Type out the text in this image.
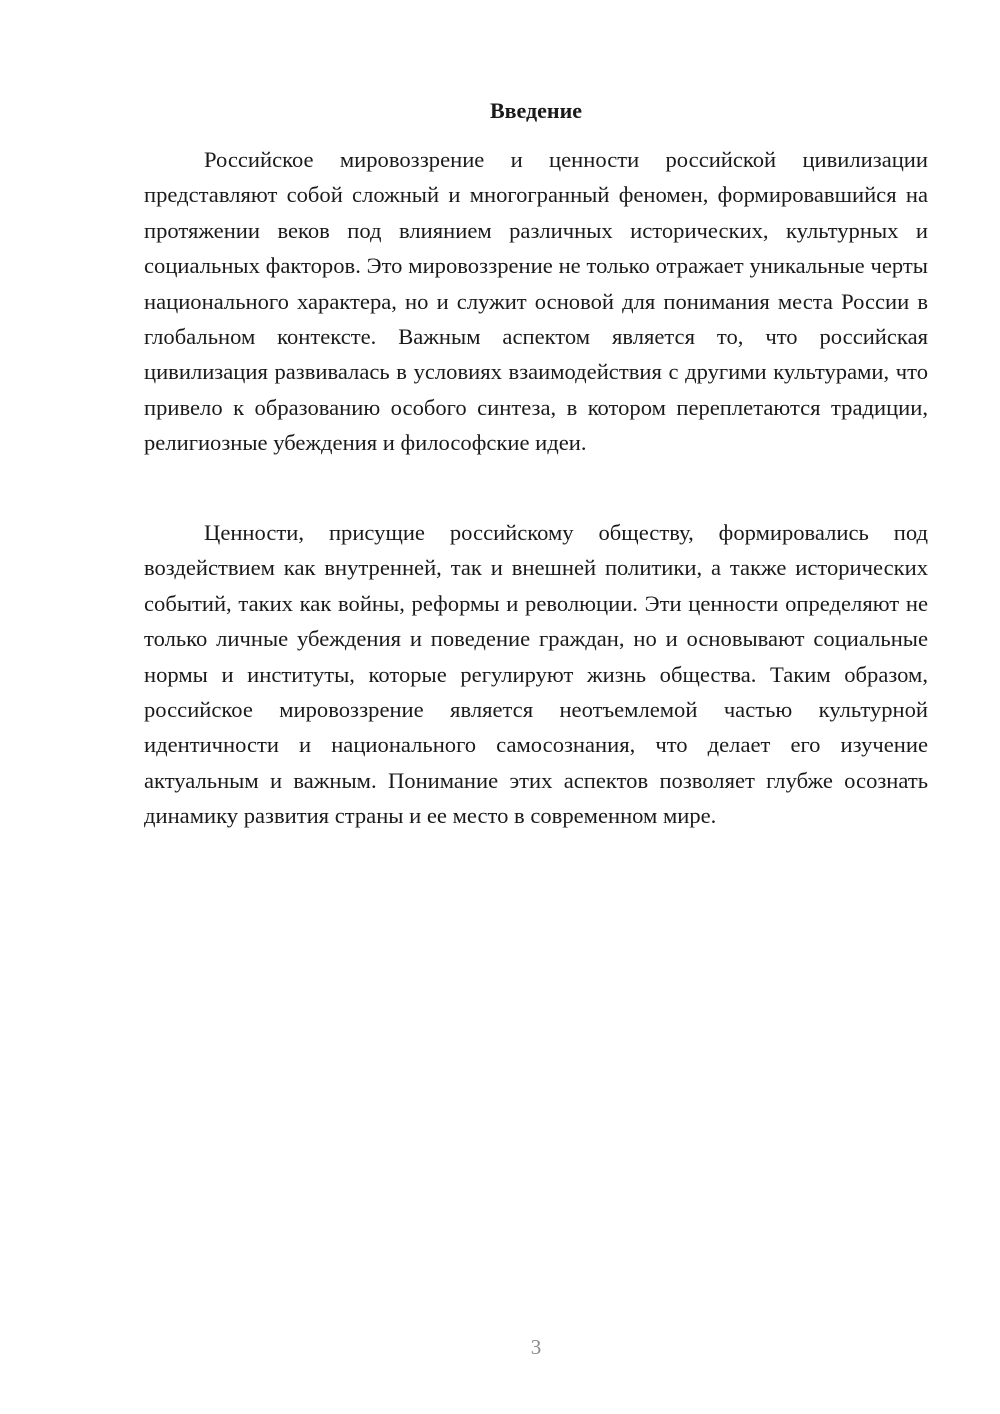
Введение

Российское мировоззрение и ценности российской цивилизации представляют собой сложный и многогранный феномен, формировавшийся на протяжении веков под влиянием различных исторических, культурных и социальных факторов. Это мировоззрение не только отражает уникальные черты национального характера, но и служит основой для понимания места России в глобальном контексте. Важным аспектом является то, что российская цивилизация развивалась в условиях взаимодействия с другими культурами, что привело к образованию особого синтеза, в котором переплетаются традиции, религиозные убеждения и философские идеи.

Ценности, присущие российскому обществу, формировались под воздействием как внутренней, так и внешней политики, а также исторических событий, таких как войны, реформы и революции. Эти ценности определяют не только личные убеждения и поведение граждан, но и основывают социальные нормы и институты, которые регулируют жизнь общества. Таким образом, российское мировоззрение является неотъемлемой частью культурной идентичности и национального самосознания, что делает его изучение актуальным и важным. Понимание этих аспектов позволяет глубже осознать динамику развития страны и ее место в современном мире.

3
